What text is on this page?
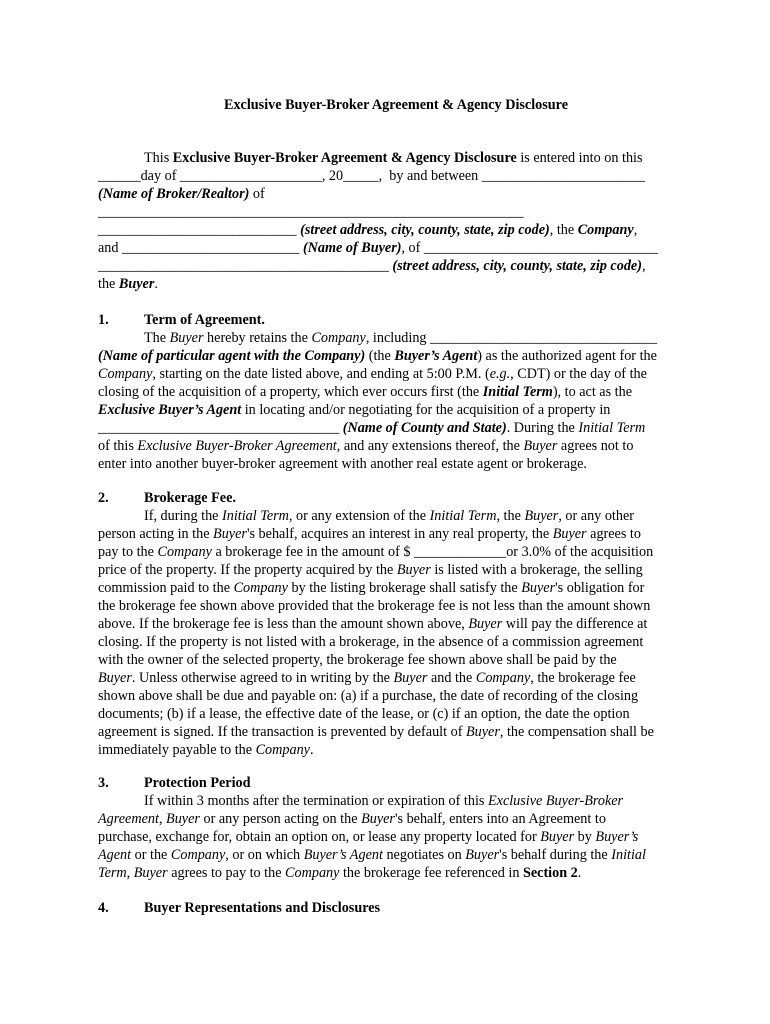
Exclusive Buyer-Broker Agreement & Agency Disclosure
This Exclusive Buyer-Broker Agreement & Agency Disclosure is entered into on this
______day of ____________________, 20_____,  by and between _______________________
(Name of Broker/Realtor) of
____________________________________________________________
____________________________ (street address, city, county, state, zip code), the Company,
and _________________________ (Name of Buyer), of _________________________________
_________________________________________ (street address, city, county, state, zip code),
the Buyer.
1. Term of Agreement.
The Buyer hereby retains the Company, including ________________________________
(Name of particular agent with the Company) (the Buyer’s Agent) as the authorized agent for the
Company, starting on the date listed above, and ending at 5:00 P.M. (e.g., CDT) or the day of the
closing of the acquisition of a property, which ever occurs first (the Initial Term), to act as the
Exclusive Buyer’s Agent in locating and/or negotiating for the acquisition of a property in
__________________________________ (Name of County and State). During the Initial Term
of this Exclusive Buyer-Broker Agreement, and any extensions thereof, the Buyer agrees not to
enter into another buyer-broker agreement with another real estate agent or brokerage.
2. Brokerage Fee.
If, during the Initial Term, or any extension of the Initial Term, the Buyer, or any other
person acting in the Buyer's behalf, acquires an interest in any real property, the Buyer agrees to
pay to the Company a brokerage fee in the amount of $ _____________or 3.0% of the acquisition
price of the property. If the property acquired by the Buyer is listed with a brokerage, the selling
commission paid to the Company by the listing brokerage shall satisfy the Buyer's obligation for
the brokerage fee shown above provided that the brokerage fee is not less than the amount shown
above. If the brokerage fee is less than the amount shown above, Buyer will pay the difference at
closing. If the property is not listed with a brokerage, in the absence of a commission agreement
with the owner of the selected property, the brokerage fee shown above shall be paid by the
Buyer. Unless otherwise agreed to in writing by the Buyer and the Company, the brokerage fee
shown above shall be due and payable on: (a) if a purchase, the date of recording of the closing
documents; (b) if a lease, the effective date of the lease, or (c) if an option, the date the option
agreement is signed. If the transaction is prevented by default of Buyer, the compensation shall be
immediately payable to the Company.
3. Protection Period
If within 3 months after the termination or expiration of this Exclusive Buyer-Broker
Agreement, Buyer or any person acting on the Buyer's behalf, enters into an Agreement to
purchase, exchange for, obtain an option on, or lease any property located for Buyer by Buyer’s
Agent or the Company, or on which Buyer’s Agent negotiates on Buyer's behalf during the Initial
Term, Buyer agrees to pay to the Company the brokerage fee referenced in Section 2.
4. Buyer Representations and Disclosures
